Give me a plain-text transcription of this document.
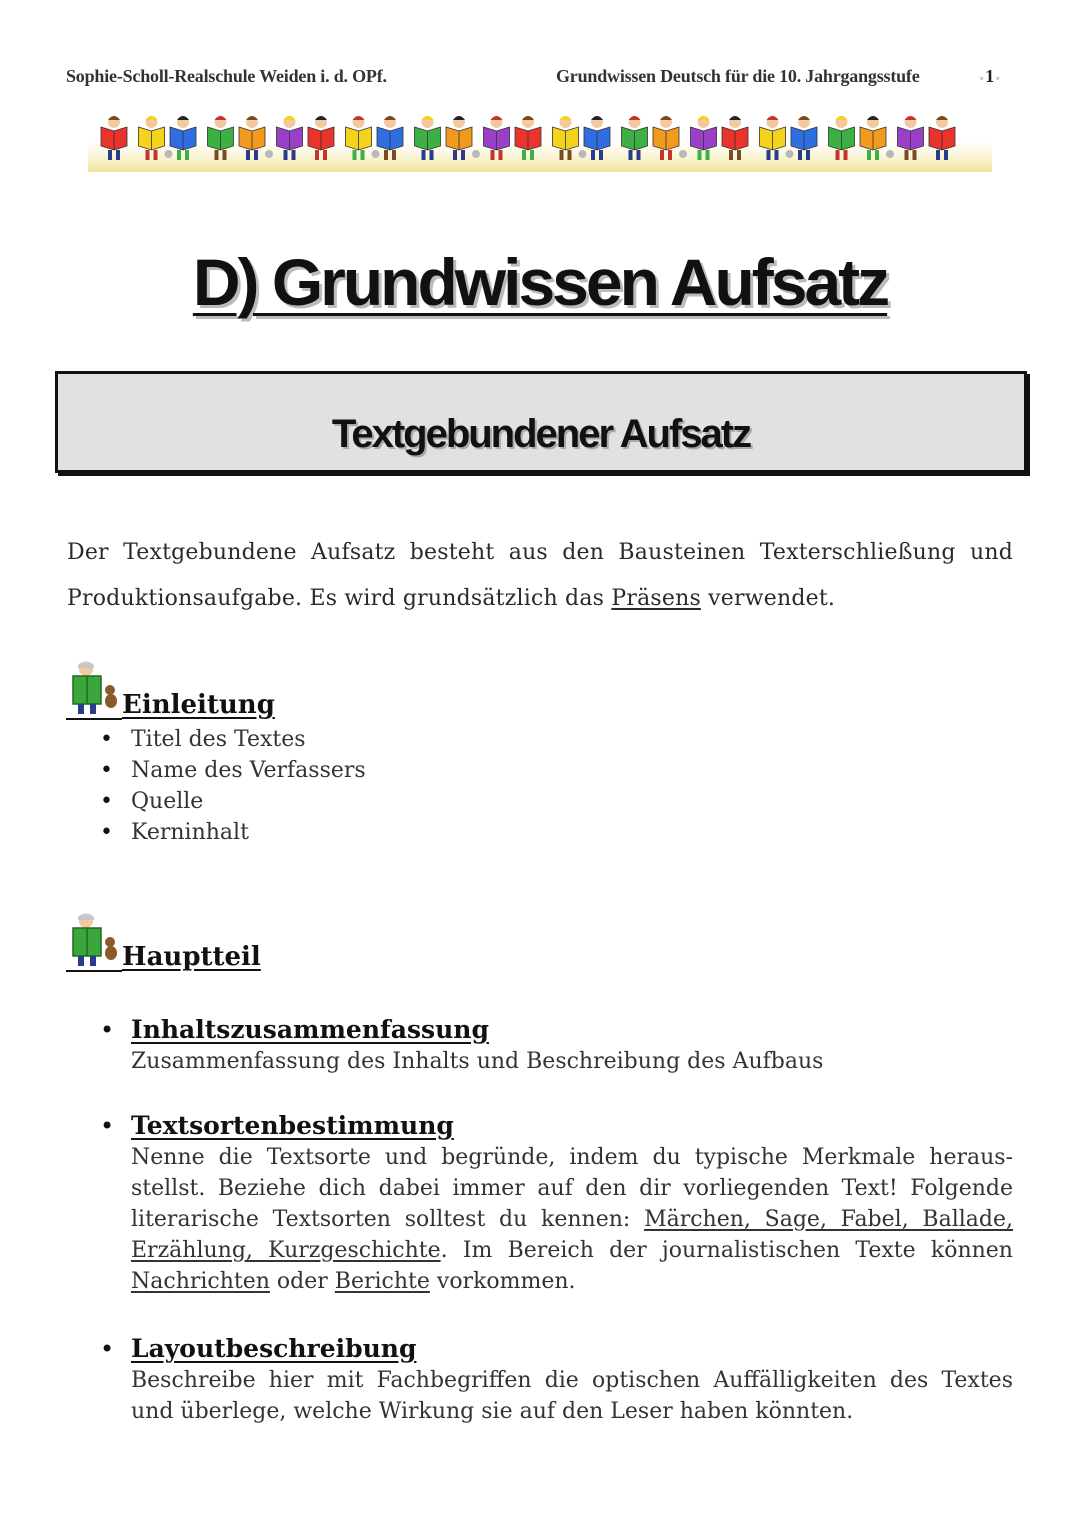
Sophie-Scholl-Realschule Weiden i. d. OPf.	Grundwissen Deutsch für die 10. Jahrgangsstufe	▫ 1 ▫
D) Grundwissen Aufsatz
Textgebundener Aufsatz
Der Textgebundene Aufsatz besteht aus den Bausteinen Texterschließung und Produktionsaufgabe. Es wird grundsätzlich das Präsens verwendet.
Einleitung
• Titel des Textes
• Name des Verfassers
• Quelle
• Kerninhalt
Hauptteil
• Inhaltszusammenfassung
Zusammenfassung des Inhalts und Beschreibung des Aufbaus
• Textsortenbestimmung
Nenne die Textsorte und begründe, indem du typische Merkmale herausstellst. Beziehe dich dabei immer auf den dir vorliegenden Text! Folgende literarische Textsorten solltest du kennen: Märchen, Sage, Fabel, Ballade, Erzählung, Kurzgeschichte. Im Bereich der journalistischen Texte können Nachrichten oder Berichte vorkommen.
• Layoutbeschreibung
Beschreibe hier mit Fachbegriffen die optischen Auffälligkeiten des Textes und überlege, welche Wirkung sie auf den Leser haben könnten.
